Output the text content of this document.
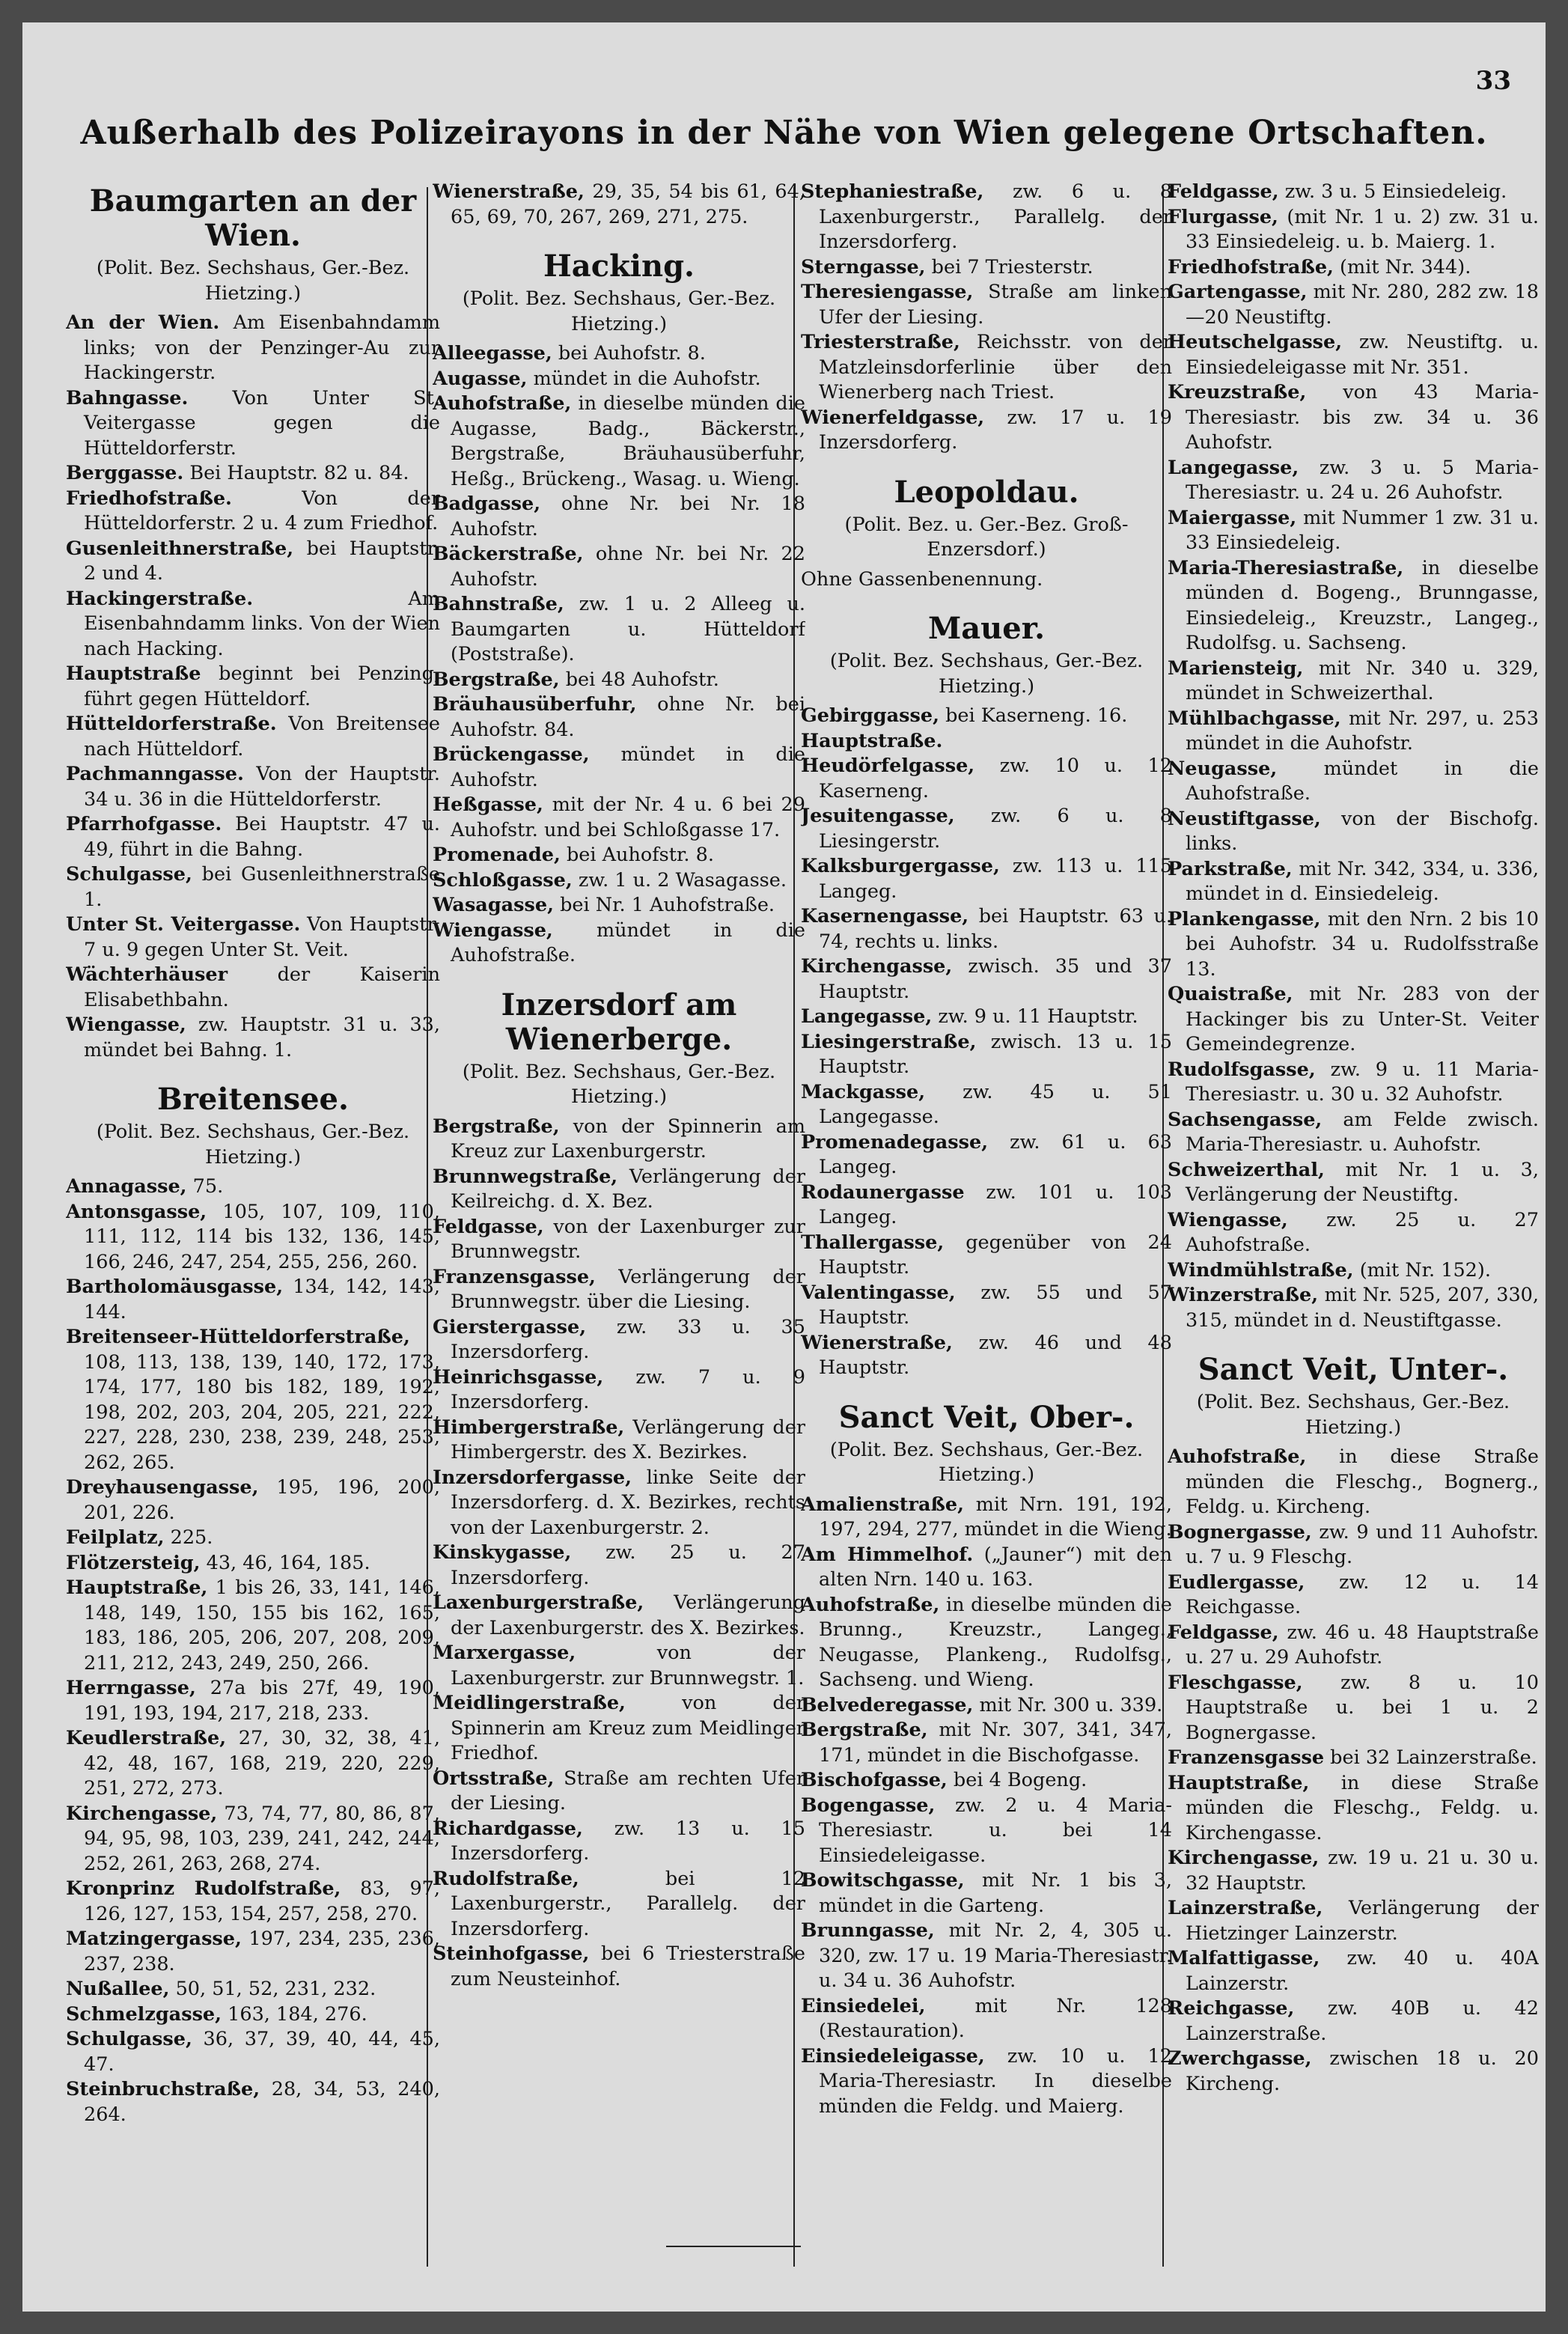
33
Außerhalb des Polizeirayons in der Nähe von Wien gelegene Ortschaften.
Baumgarten an der Wien.
(Polit. Bez. Sechshaus, Ger.-Bez. Hietzing.)

An der Wien. Am Eisenbahndamm links; von der Penzinger-Au zur Hackingerstr.

Bahngasse. Von Unter St. Veitergasse gegen die Hütteldorferstr.

Berggasse. Bei Hauptstr. 82 u. 84.

Friedhofstraße.	Von der Hütteldorferstr. 2 u. 4 zum Friedhof.

Gusenleithnerstraße, bei Hauptstr. 2 und 4.

Hackingerstraße.	Am Eisenbahndamm links. Von der Wien nach Hacking.

Hauptstraße beginnt bei Penzing, führt gegen Hütteldorf.

Hütteldorferstraße. Von Breitensee nach Hütteldorf.

Pachmanngasse. Von der Hauptstr. 34 u. 36 in die Hütteldorferstr.

Pfarrhofgasse. Bei Hauptstr. 47 u. 49, führt in die Bahng.

Schulgasse, bei Gusenleithnerstraße 1.

Unter St. Veitergasse. Von Hauptstr. 7 u. 9 gegen Unter St. Veit.

Wächterhäuser	der Kaiserin Elisabethbahn.

Wiengasse, zw. Hauptstr. 31 u. 33, mündet bei Bahng. 1.

Breitensee.
(Polit. Bez. Sechshaus, Ger.-Bez. Hietzing.)

Annagasse, 75.

Antonsgasse, 105, 107, 109, 110, 111, 112, 114 bis 132, 136, 145, 166, 246, 247, 254, 255, 256, 260.

Bartholomäusgasse, 134, 142, 143, 144.

Breitenseer-Hütteldorferstraße, 108, 113, 138, 139, 140, 172, 173, 174, 177, 180 bis 182, 189, 192, 198, 202, 203, 204, 205, 221, 222, 227, 228, 230, 238, 239, 248, 253, 262, 265.

Dreyhausengasse, 195, 196, 200, 201, 226.

Feilplatz, 225.

Flötzersteig, 43, 46, 164, 185.

Hauptstraße, 1 bis 26, 33, 141, 146, 148, 149, 150, 155 bis 162, 165, 183, 186, 205, 206, 207, 208, 209, 211, 212, 243, 249, 250, 266.

Herrngasse, 27a bis 27f, 49, 190, 191, 193, 194, 217, 218, 233.

Keudlerstraße, 27, 30, 32, 38, 41, 42, 48, 167, 168, 219, 220, 229, 251, 272, 273.

Kirchengasse, 73, 74, 77, 80, 86, 87, 94, 95, 98, 103, 239, 241, 242, 244, 252, 261, 263, 268, 274.

Kronprinz Rudolfstraße, 83, 97, 126, 127, 153, 154, 257, 258, 270.

Matzingergasse, 197, 234, 235, 236, 237, 238.

Nußallee, 50, 51, 52, 231, 232.

Schmelzgasse, 163, 184, 276.

Schulgasse, 36, 37, 39, 40, 44, 45, 47.

Steinbruchstraße, 28, 34, 53, 240, 264.

Wienerstraße, 29, 35, 54 bis 61, 64, 65, 69, 70, 267, 269, 271, 275.

Hacking.
(Polit. Bez. Sechshaus, Ger.-Bez. Hietzing.)

Alleegasse, bei Auhofstr. 8.

Augasse, mündet in die Auhofstr.

Auhofstraße, in dieselbe münden die Augasse, Badg., Bäckerstr., Bergstraße, Bräuhausüberfuhr, Heßg., Brückeng., Wasag. u. Wieng.

Badgasse, ohne Nr. bei Nr. 18 Auhofstr.

Bäckerstraße, ohne Nr. bei Nr. 22 Auhofstr.

Bahnstraße, zw. 1 u. 2 Alleeg u. Baumgarten u. Hütteldorf (Poststraße).

Bergstraße, bei 48 Auhofstr.

Bräuhausüberfuhr, ohne Nr. bei Auhofstr. 84.

Brückengasse, mündet in die Auhofstr.

Heßgasse, mit der Nr. 4 u. 6 bei 29 Auhofstr. und bei Schloßgasse 17.

Promenade, bei Auhofstr. 8.

Schloßgasse, zw. 1 u. 2 Wasagasse.

Wasagasse, bei Nr. 1 Auhofstraße.

Wiengasse, mündet in die Auhofstraße.

Inzersdorf am Wienerberge.
(Polit. Bez. Sechshaus, Ger.-Bez. Hietzing.)

Bergstraße, von der Spinnerin am Kreuz zur Laxenburgerstr.

Brunnwegstraße, Verlängerung der Keilreichg. d. X. Bez.

Feldgasse, von der Laxenburger zur Brunnwegstr.

Franzensgasse, Verlängerung der Brunnwegstr. über die Liesing.

Gierstergasse, zw. 33 u. 35 Inzersdorferg.

Heinrichsgasse, zw. 7 u. 9 Inzersdorferg.

Himbergerstraße, Verlängerung der Himbergerstr. des X. Bezirkes.

Inzersdorfergasse, linke Seite der Inzersdorferg. d. X. Bezirkes, rechts von der Laxenburgerstr. 2.

Kinskygasse, zw. 25 u. 27 Inzersdorferg.

Laxenburgerstraße, Verlängerung der Laxenburgerstr. des X. Bezirkes.

Marxergasse,	von der Laxenburgerstr. zur Brunnwegstr. 1.

Meidlingerstraße,	von der Spinnerin am Kreuz zum Meidlinger Friedhof.

Ortsstraße, Straße am rechten Ufer der Liesing.

Richardgasse, zw. 13 u. 15 Inzersdorferg.

Rudolfstraße,	bei 12 Laxenburgerstr., Parallelg. der Inzersdorferg.

Steinhofgasse, bei 6 Triesterstraße zum Neusteinhof.

Stephaniestraße, zw. 6 u. 8 Laxenburgerstr., Parallelg. der Inzersdorferg.

Sterngasse, bei 7 Triesterstr.

Theresiengasse, Straße am linken Ufer der Liesing.

Triesterstraße, Reichsstr. von der Matzleinsdorferlinie über den Wienerberg nach Triest.

Wienerfeldgasse, zw. 17 u. 19 Inzersdorferg.

Leopoldau.
(Polit. Bez. u. Ger.-Bez. Groß-Enzersdorf.)

Ohne Gassenbenennung.

Mauer.
(Polit. Bez. Sechshaus, Ger.-Bez. Hietzing.)

Gebirggasse, bei Kaserneng. 16.

Hauptstraße.

Heudörfelgasse, zw. 10 u. 12 Kaserneng.

Jesuitengasse, zw. 6 u. 8 Liesingerstr.

Kalksburgergasse, zw. 113 u. 115 Langeg.

Kasernengasse, bei Hauptstr. 63 u. 74, rechts u. links.

Kirchengasse, zwisch. 35 und 37 Hauptstr.

Langegasse, zw. 9 u. 11 Hauptstr.

Liesingerstraße, zwisch. 13 u. 15 Hauptstr.

Mackgasse, zw. 45 u. 51 Langegasse.

Promenadegasse, zw. 61 u. 63 Langeg.

Rodaunergasse zw. 101 u. 103 Langeg.

Thallergasse, gegenüber von 24 Hauptstr.

Valentingasse, zw. 55 und 57 Hauptstr.

Wienerstraße, zw. 46 und 48 Hauptstr.

Sanct Veit, Ober-.
(Polit. Bez. Sechshaus, Ger.-Bez. Hietzing.)

Amalienstraße, mit Nrn. 191, 192, 197, 294, 277, mündet in die Wieng.

Am Himmelhof. („Jauner“) mit den alten Nrn. 140 u. 163.

Auhofstraße, in dieselbe münden die Brunng., Kreuzstr., Langeg., Neugasse, Plankeng., Rudolfsg., Sachseng. und Wieng.

Belvederegasse, mit Nr. 300 u. 339.

Bergstraße, mit Nr. 307, 341, 347, 171, mündet in die Bischofgasse.

Bischofgasse, bei 4 Bogeng.

Bogengasse, zw. 2 u. 4 Maria-Theresiastr. u. bei 14 Einsiedeleigasse.

Bowitschgasse, mit Nr. 1 bis 3, mündet in die Garteng.

Brunngasse, mit Nr. 2, 4, 305 u. 320, zw. 17 u. 19 Maria-Theresiastr. u. 34 u. 36 Auhofstr.

Einsiedelei,	mit Nr. 128 (Restauration).

Einsiedeleigasse, zw. 10 u. 12 Maria-Theresiastr. In dieselbe münden die Feldg. und Maierg.

Feldgasse, zw. 3 u. 5 Einsiedeleig.

Flurgasse, (mit Nr. 1 u. 2) zw. 31 u. 33 Einsiedeleig. u. b. Maierg. 1.

Friedhofstraße, (mit Nr. 344).

Gartengasse, mit Nr. 280, 282 zw. 18—20 Neustiftg.

Heutschelgasse, zw. Neustiftg. u. Einsiedeleigasse mit Nr. 351.

Kreuzstraße, von 43 Maria-Theresiastr. bis zw. 34 u. 36 Auhofstr.

Langegasse, zw. 3 u. 5 Maria-Theresiastr. u. 24 u. 26 Auhofstr.

Maiergasse, mit Nummer 1 zw. 31 u. 33 Einsiedeleig.

Maria-Theresiastraße, in dieselbe münden d. Bogeng., Brunngasse, Einsiedeleig., Kreuzstr., Langeg., Rudolfsg. u. Sachseng.

Mariensteig, mit Nr. 340 u. 329, mündet in Schweizerthal.

Mühlbachgasse, mit Nr. 297, u. 253 mündet in die Auhofstr.

Neugasse, mündet in die Auhofstraße.

Neustiftgasse, von der Bischofg. links.

Parkstraße, mit Nr. 342, 334, u. 336, mündet in d. Einsiedeleig.

Plankengasse, mit den Nrn. 2 bis 10 bei Auhofstr. 34 u. Rudolfsstraße 13.

Quaistraße, mit Nr. 283 von der Hackinger bis zu Unter-St. Veiter Gemeindegrenze.

Rudolfsgasse, zw. 9 u. 11 Maria-Theresiastr. u. 30 u. 32 Auhofstr.

Sachsengasse, am Felde zwisch. Maria-Theresiastr. u. Auhofstr.

Schweizerthal, mit Nr. 1 u. 3, Verlängerung der Neustiftg.

Wiengasse, zw. 25 u. 27 Auhofstraße.

Windmühlstraße, (mit Nr. 152).

Winzerstraße, mit Nr. 525, 207, 330, 315, mündet in d. Neustiftgasse.

Sanct Veit, Unter-.
(Polit. Bez. Sechshaus, Ger.-Bez. Hietzing.)

Auhofstraße, in diese Straße münden die Fleschg., Bognerg., Feldg. u. Kircheng.

Bognergasse, zw. 9 und 11 Auhofstr. u. 7 u. 9 Fleschg.

Eudlergasse, zw. 12 u. 14 Reichgasse.

Feldgasse, zw. 46 u. 48 Hauptstraße u. 27 u. 29 Auhofstr.

Fleschgasse, zw. 8 u. 10 Hauptstraße u. bei 1 u. 2 Bognergasse.

Franzensgasse bei 32 Lainzerstraße.

Hauptstraße, in diese Straße münden die Fleschg., Feldg. u. Kirchengasse.

Kirchengasse, zw. 19 u. 21 u. 30 u. 32 Hauptstr.

Lainzerstraße, Verlängerung der Hietzinger Lainzerstr.

Malfattigasse, zw. 40 u. 40A Lainzerstr.

Reichgasse, zw. 40B u. 42 Lainzerstraße.

Zwerchgasse, zwischen 18 u. 20 Kircheng.
